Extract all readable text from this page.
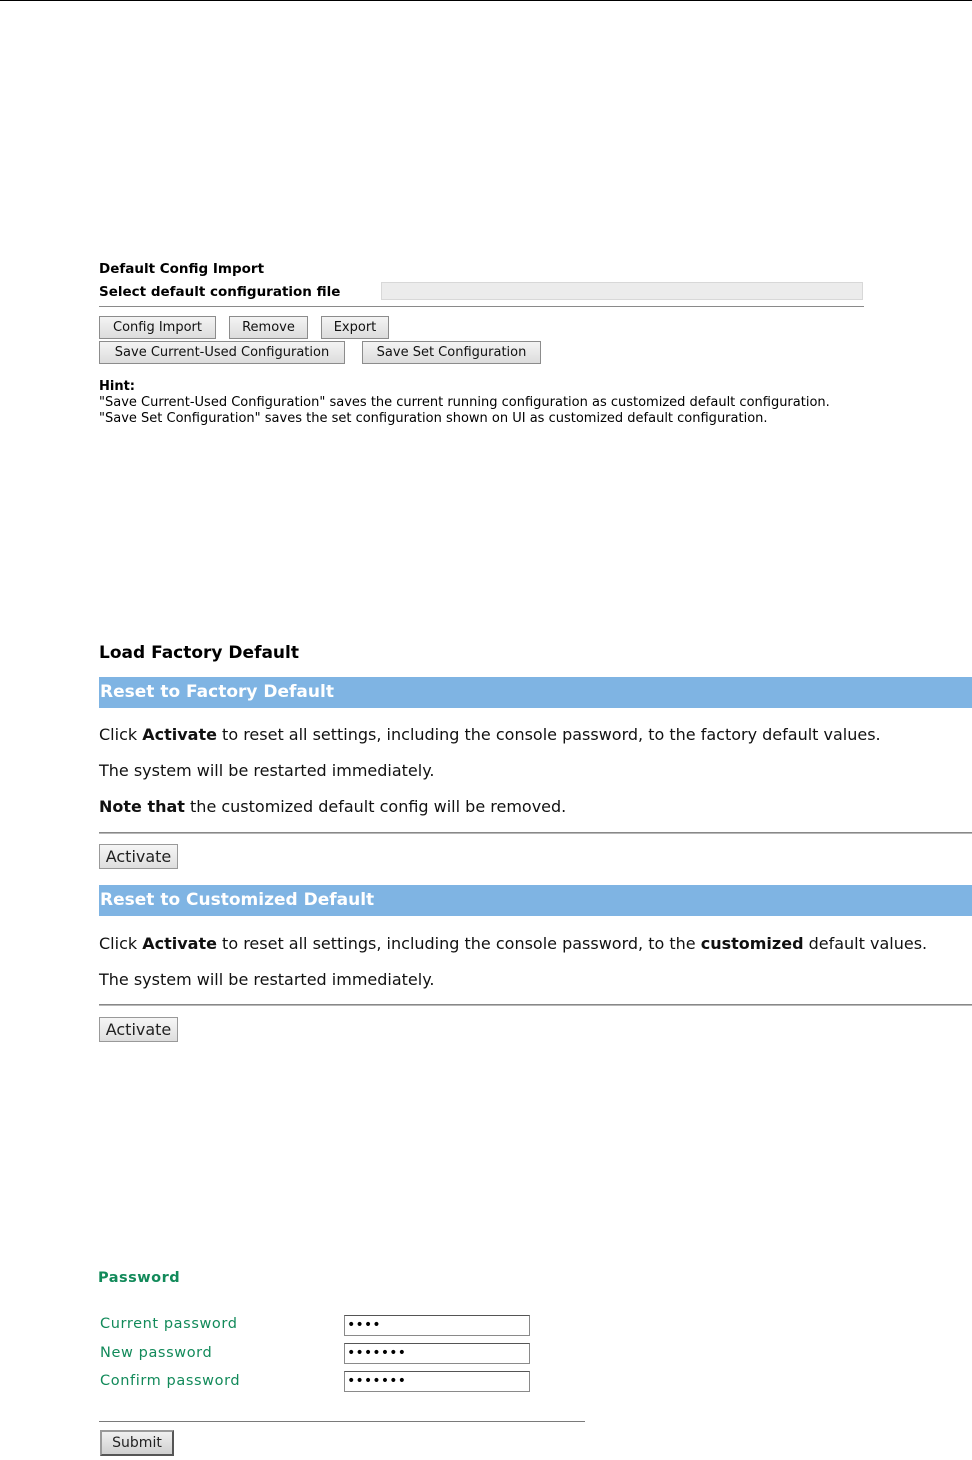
Default Config Import
Select default configuration file
Config Import	Remove	Export
Save Current-Used Configuration	Save Set Configuration
Hint:
"Save Current-Used Configuration" saves the current running configuration as customized default configuration.
"Save Set Configuration" saves the set configuration shown on UI as customized default configuration.
Load Factory Default
Reset to Factory Default
Click Activate to reset all settings, including the console password, to the factory default values.
The system will be restarted immediately.
Note that the customized default config will be removed.
Activate
Reset to Customized Default
Click Activate to reset all settings, including the console password, to the customized default values.
The system will be restarted immediately.
Activate
Password
Current password	••••
New password	•••••••
Confirm password	•••••••
Submit
